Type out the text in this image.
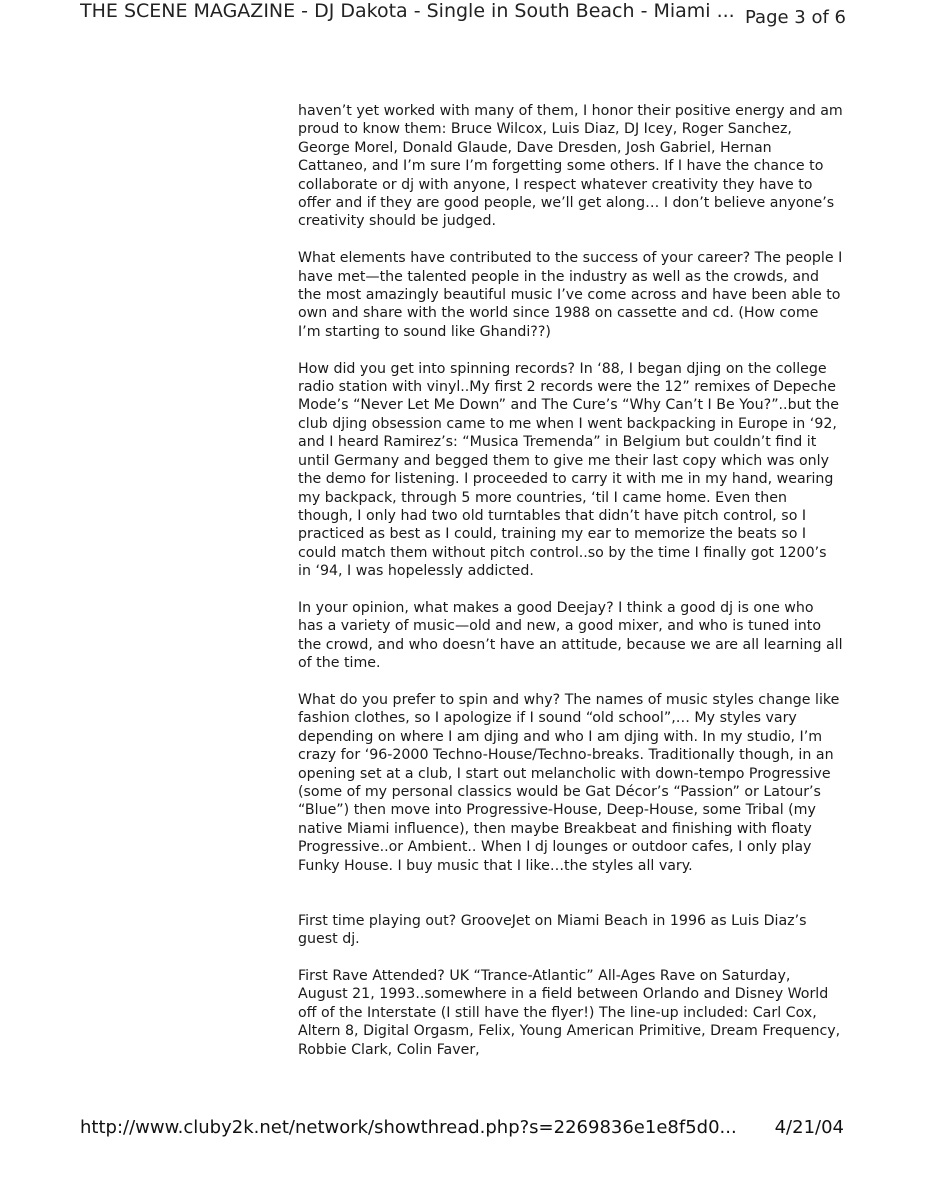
THE SCENE MAGAZINE - DJ Dakota - Single in South Beach - Miami ... Page 3 of 6

haven’t yet worked with many of them, I honor their positive energy and am proud to know them: Bruce Wilcox, Luis Diaz, DJ Icey, Roger Sanchez, George Morel, Donald Glaude, Dave Dresden, Josh Gabriel, Hernan Cattaneo, and I’m sure I’m forgetting some others. If I have the chance to collaborate or dj with anyone, I respect whatever creativity they have to offer and if they are good people, we’ll get along… I don’t believe anyone’s creativity should be judged.

What elements have contributed to the success of your career? The people I have met—the talented people in the industry as well as the crowds, and the most amazingly beautiful music I’ve come across and have been able to own and share with the world since 1988 on cassette and cd. (How come I’m starting to sound like Ghandi??)

How did you get into spinning records? In ‘88, I began djing on the college radio station with vinyl..My first 2 records were the 12” remixes of Depeche Mode’s “Never Let Me Down” and The Cure’s “Why Can’t I Be You?”..but the club djing obsession came to me when I went backpacking in Europe in ‘92, and I heard Ramirez’s: “Musica Tremenda” in Belgium but couldn’t find it until Germany and begged them to give me their last copy which was only the demo for listening. I proceeded to carry it with me in my hand, wearing my backpack, through 5 more countries, ‘til I came home. Even then though, I only had two old turntables that didn’t have pitch control, so I practiced as best as I could, training my ear to memorize the beats so I could match them without pitch control..so by the time I finally got 1200’s in ‘94, I was hopelessly addicted.

In your opinion, what makes a good Deejay? I think a good dj is one who has a variety of music—old and new, a good mixer, and who is tuned into the crowd, and who doesn’t have an attitude, because we are all learning all of the time.

What do you prefer to spin and why? The names of music styles change like fashion clothes, so I apologize if I sound “old school”,… My styles vary depending on where I am djing and who I am djing with. In my studio, I’m crazy for ‘96-2000 Techno-House/Techno-breaks. Traditionally though, in an opening set at a club, I start out melancholic with down-tempo Progressive (some of my personal classics would be Gat Décor’s “Passion” or Latour’s “Blue”) then move into Progressive-House, Deep-House, some Tribal (my native Miami influence), then maybe Breakbeat and finishing with floaty Progressive..or Ambient.. When I dj lounges or outdoor cafes, I only play Funky House. I buy music that I like…the styles all vary.

First time playing out? GrooveJet on Miami Beach in 1996 as Luis Diaz’s guest dj.

First Rave Attended? UK “Trance-Atlantic” All-Ages Rave on Saturday, August 21, 1993..somewhere in a field between Orlando and Disney World off of the Interstate (I still have the flyer!) The line-up included: Carl Cox, Altern 8, Digital Orgasm, Felix, Young American Primitive, Dream Frequency, Robbie Clark, Colin Faver,

http://www.cluby2k.net/network/showthread.php?s=2269836e1e8f5d0... 4/21/04
